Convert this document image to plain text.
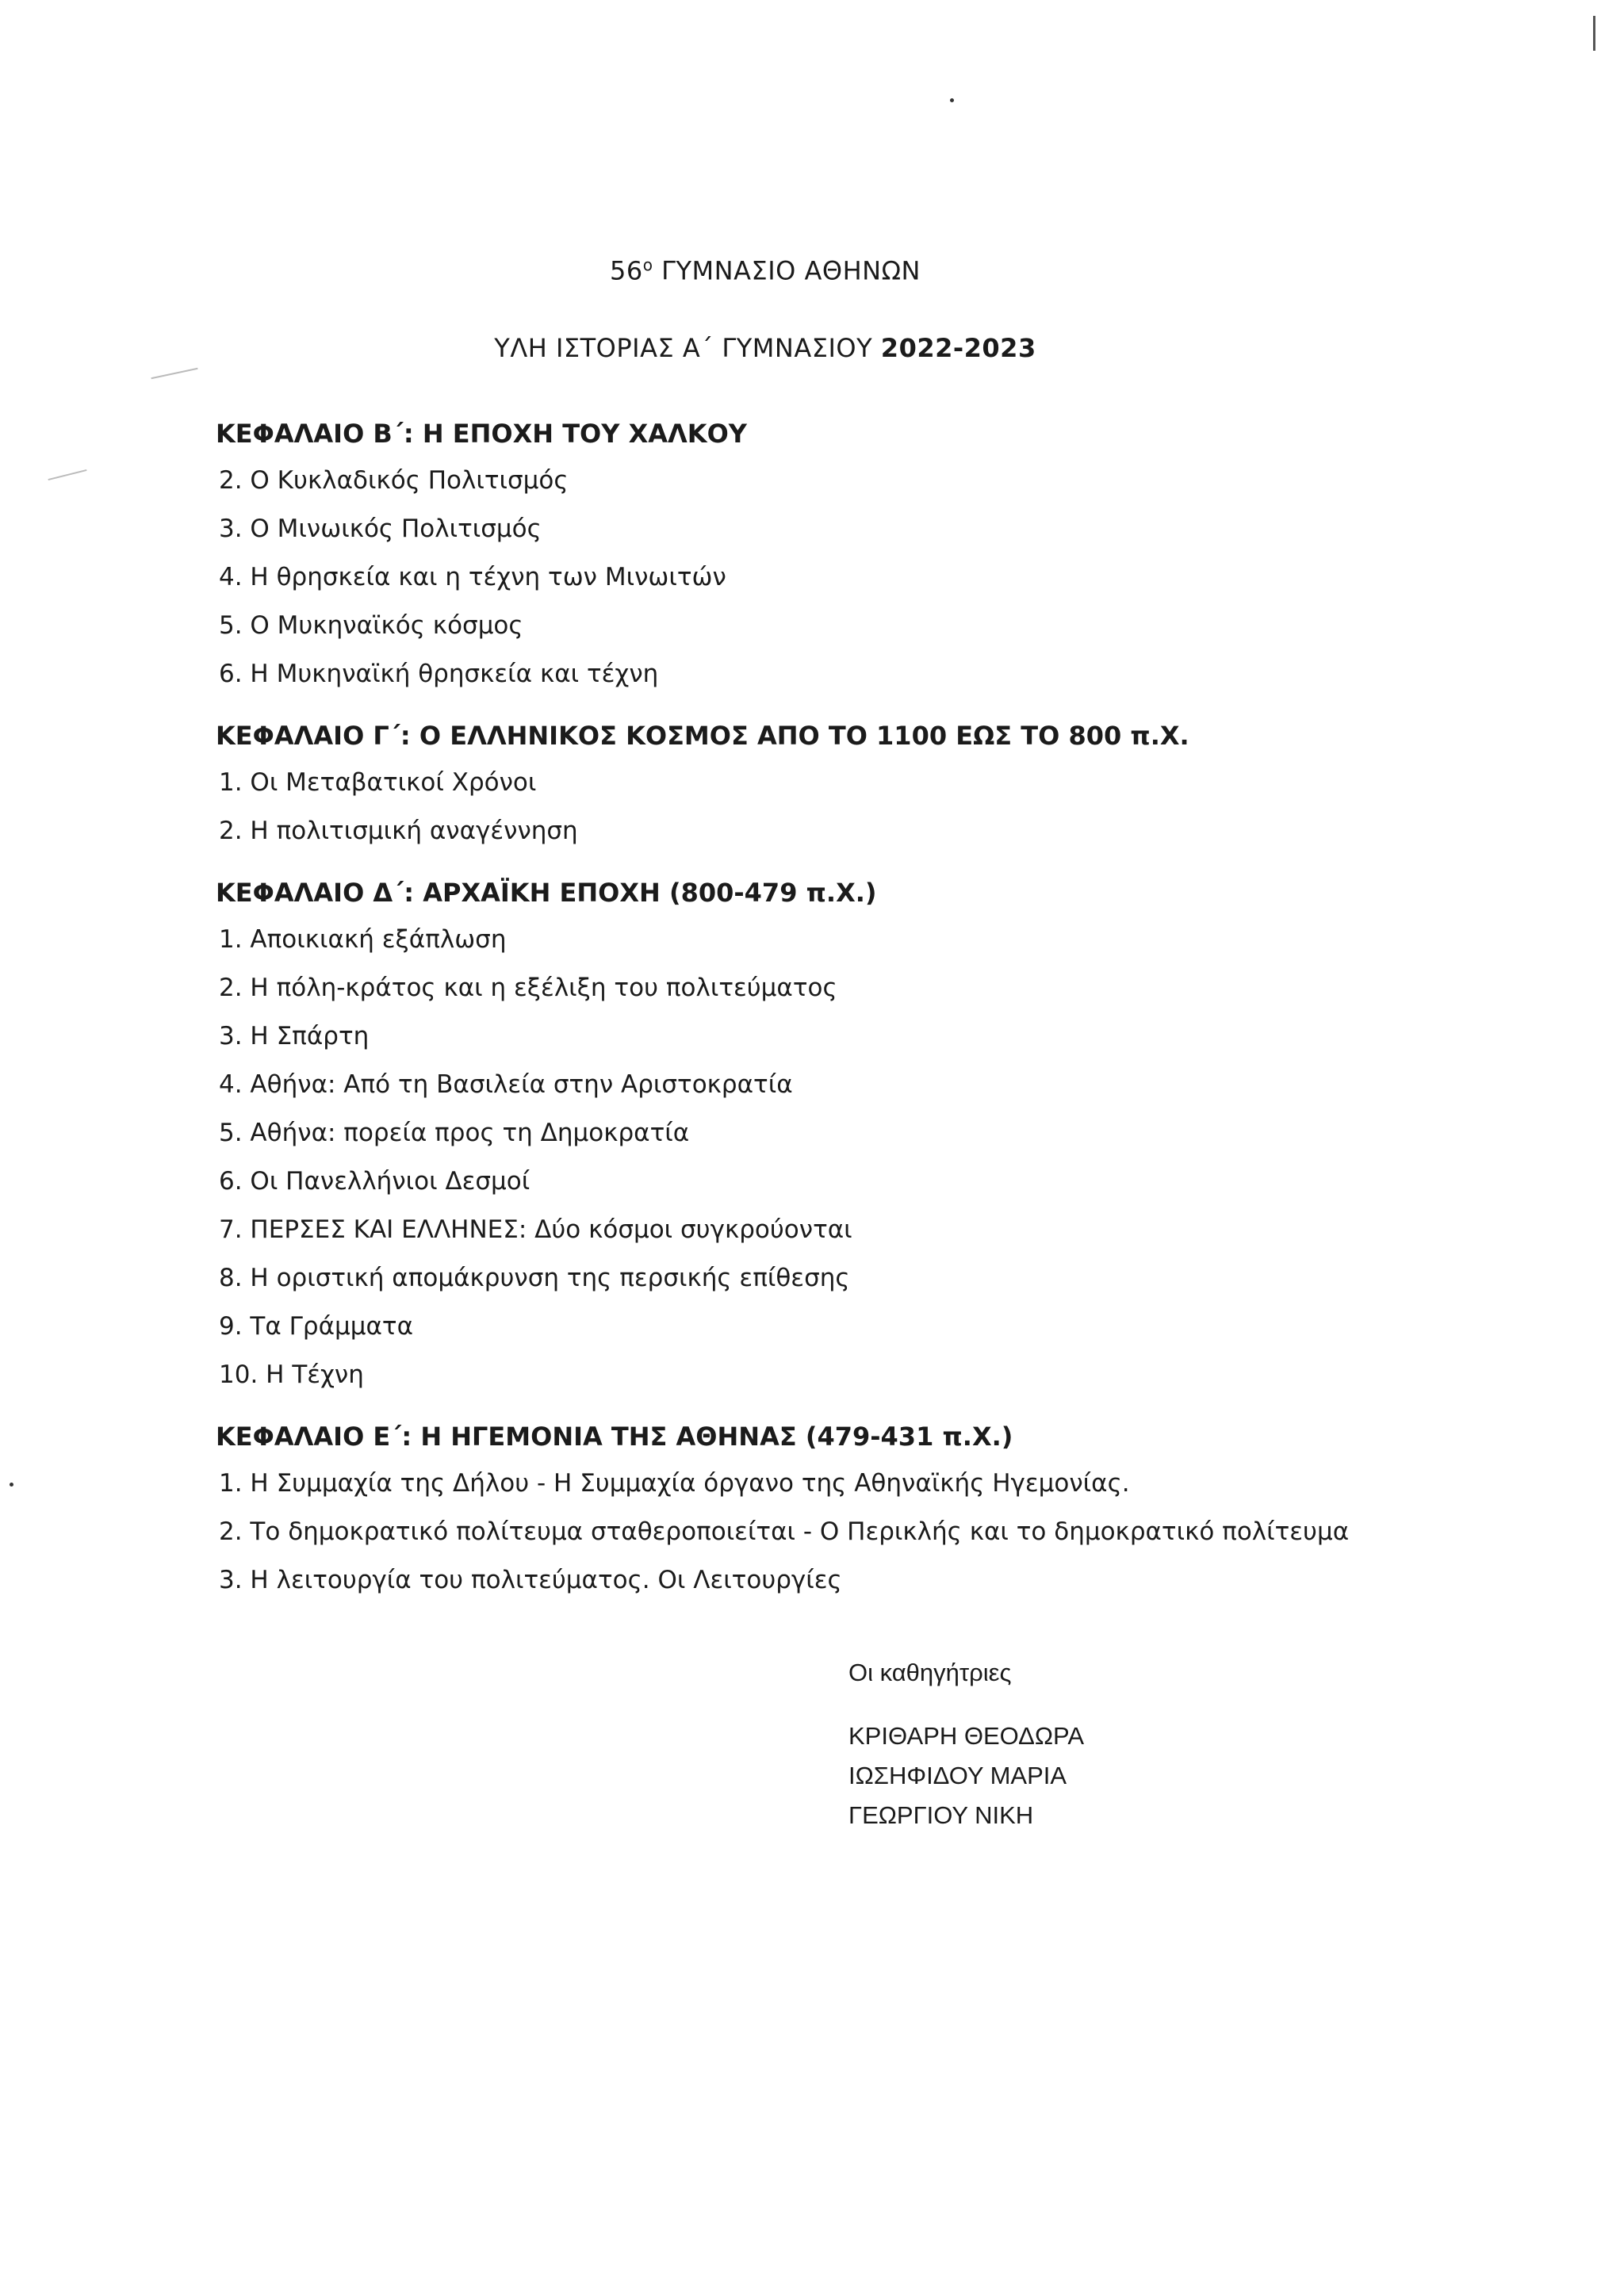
$56^o$ ΓΥΜΝΑΣΙΟ ΑΘΗΝΩΝ
ΥΛΗ ΙΣΤΟΡΙΑΣ Α΄ ΓΥΜΝΑΣΙΟΥ 2022-2023
ΚΕΦΑΛΑΙΟ Β΄: Η ΕΠΟΧΗ ΤΟΥ ΧΑΛΚΟΥ
2. Ο Κυκλαδικός Πολιτισμός
3. Ο Μινωικός Πολιτισμός
4. Η θρησκεία και η τέχνη των Μινωιτών
5. Ο Μυκηναϊκός κόσμος
6. Η Μυκηναϊκή θρησκεία και τέχνη
ΚΕΦΑΛΑΙΟ Γ΄: Ο ΕΛΛΗΝΙΚΟΣ ΚΟΣΜΟΣ ΑΠΟ ΤΟ 1100 ΕΩΣ ΤΟ 800 π.Χ.
1. Οι Μεταβατικοί Χρόνοι
2. Η πολιτισμική αναγέννηση
ΚΕΦΑΛΑΙΟ Δ΄: ΑΡΧΑΪΚΗ ΕΠΟΧΗ (800-479 π.Χ.)
1. Αποικιακή εξάπλωση
2. Η πόλη-κράτος και η εξέλιξη του πολιτεύματος
3. Η Σπάρτη
4. Αθήνα: Από τη Βασιλεία στην Αριστοκρατία
5. Αθήνα: πορεία προς τη Δημοκρατία
6. Οι Πανελλήνιοι Δεσμοί
7. ΠΕΡΣΕΣ ΚΑΙ ΕΛΛΗΝΕΣ: Δύο κόσμοι συγκρούονται
8. Η οριστική απομάκρυνση της περσικής επίθεσης
9. Τα Γράμματα
10. Η Τέχνη
ΚΕΦΑΛΑΙΟ Ε΄: Η ΗΓΕΜΟΝΙΑ ΤΗΣ ΑΘΗΝΑΣ (479-431 π.Χ.)
1. Η Συμμαχία της Δήλου - Η Συμμαχία όργανο της Αθηναϊκής Ηγεμονίας.
2. Το δημοκρατικό πολίτευμα σταθεροποιείται - Ο Περικλής και το δημοκρατικό πολίτευμα
3. Η λειτουργία του πολιτεύματος. Οι Λειτουργίες
Οι καθηγήτριες
ΚΡΙΘΑΡΗ ΘΕΟΔΩΡΑ
ΙΩΣΗΦΙΔΟΥ ΜΑΡΙΑ
ΓΕΩΡΓΙΟΥ ΝΙΚΗ
